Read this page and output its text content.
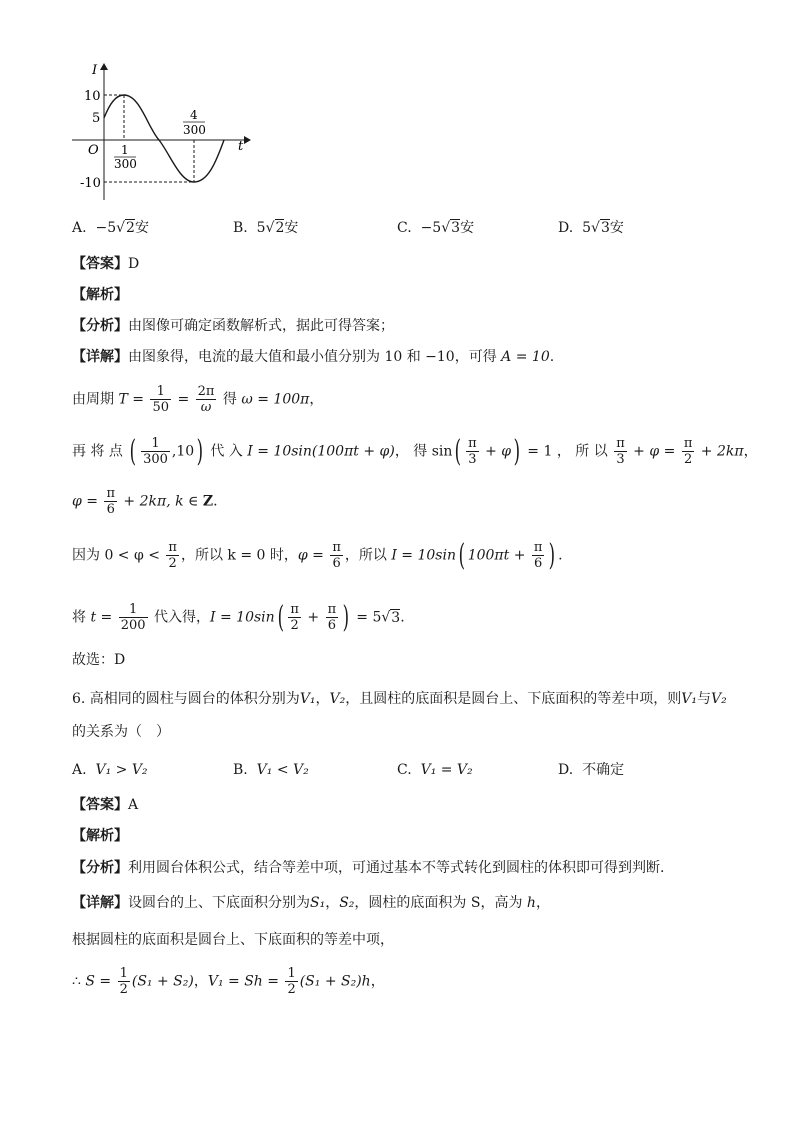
I
t
O
10
5
-10
1
300
4
300
A. −5√2安	B. 5√2安	C. −5√3安	D. 5√3安
【答案】D
【解析】
【分析】由图像可确定函数解析式，据此可得答案；
【详解】由图象得，电流的最大值和最小值分别为 10 和 −10，可得 A = 10.
由周期 $T = \frac{1}{50} = \frac{2\pi}{\omega}$ 得 ω = 100π，
再 将 点 ( $\frac{1}{300} ,10$) 代 入 I = 10sin(100πt + φ)， 得 $\sin( \frac{\pi}{3} + \varphi) = 1$ ， 所 以 $\frac{\pi}{3} + \varphi = \frac{\pi}{2} + 2k\pi$，
$\varphi = \frac{\pi}{6} + 2k\pi$, k ∈ Z.
因为 $0 < \varphi < \frac{\pi}{2}$ ，所以 k = 0 时，$\varphi = \frac{\pi}{6}$ ，所以 I = 10sin( $100\pi t + \frac{\pi}{6}$ ) .
将 $t = \frac{1}{200}$ 代入得，$I = 10\sin( \frac{\pi}{2} + \frac{\pi}{6}$ ) = 5√3.
故选：D
6. 高相同的圆柱与圆台的体积分别为V₁，V₂，且圆柱的底面积是圆台上、下底面积的等差中项，则V₁与V₂
的关系为（　）
A. V₁ > V₂	B. V₁ < V₂	C. V₁ = V₂	D. 不确定
【答案】A
【解析】
【分析】利用圆台体积公式，结合等差中项，可通过基本不等式转化到圆柱的体积即可得到判断.
【详解】设圆台的上、下底面积分别为S₁，S₂，圆柱的底面积为 S，高为 h，
根据圆柱的底面积是圆台上、下底面积的等差中项，
∴ $S = \frac{1}{2} (S_1 + S_2)$，$V_1 = Sh = \frac{1}{2} (S_1 + S_2)h$，
